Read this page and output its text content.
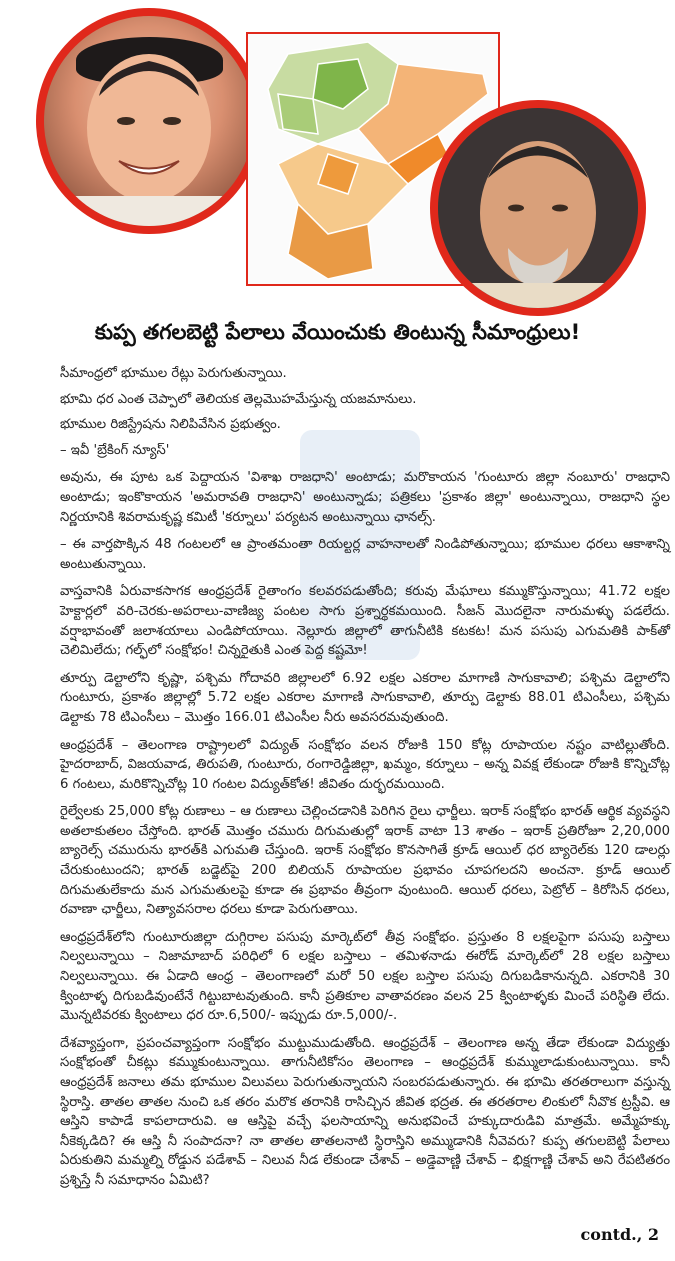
కుప్ప తగలబెట్టి పేలాలు వేయించుకు తింటున్న సీమాంధ్రులు!

సీమాంధ్రలో భూముల రేట్లు పెరుగుతున్నాయి.

భూమి ధర ఎంత చెప్పాలో తెలియక తెల్లమొహమేస్తున్న యజమానులు.

భూముల రిజిస్ట్రేషను నిలిపివేసిన ప్రభుత్వం.

– ఇవీ 'బ్రేకింగ్ న్యూస్'

అవును, ఈ పూట ఒక పెద్దాయన 'విశాఖ రాజధాని' అంటాడు; మరొకాయన 'గుంటూరు జిల్లా నంబూరు' రాజధాని అంటాడు; ఇంకొకాయన 'అమరావతి రాజధాని' అంటున్నాడు; పత్రికలు 'ప్రకాశం జిల్లా' అంటున్నాయి, రాజధాని స్థల నిర్ణయానికి శివరామకృష్ణ కమిటీ 'కర్నూలు' పర్యటన అంటున్నాయి ఛానల్స్.

– ఈ వార్తపొక్కిన 48 గంటలలో ఆ ప్రాంతమంతా రియల్టర్ల వాహనాలతో నిండిపోతున్నాయి; భూముల ధరలు ఆకాశాన్ని అంటుతున్నాయి.

వాస్తవానికి ఏరువాకసాగక ఆంధ్రప్రదేశ్ రైతాంగం కలవరపడుతోంది; కరువు మేఘాలు కమ్ముకొస్తున్నాయి; 41.72 లక్షల హెక్టార్లలో వరి-చెరకు-అపరాలు-వాణిజ్య పంటల సాగు ప్రశ్నార్థకమయింది. సీజన్ మొదలైనా నారుమళ్ళు పడలేదు. వర్షాభావంతో జలాశయాలు ఎండిపోయాయి. నెల్లూరు జిల్లాలో తాగునీటికి కటకట! మన పసుపు ఎగుమతికి పాక్‌తో చెలిమిలేదు; గల్ఫ్‌లో సంక్షోభం! చిన్నరైతుకి ఎంత పెద్ద కష్టమో!

తూర్పు డెల్టాలోని కృష్ణా, పశ్చిమ గోదావరి జిల్లాలలో 6.92 లక్షల ఎకరాల మాగాణి సాగుకావాలి; పశ్చిమ డెల్టాలోని గుంటూరు, ప్రకాశం జిల్లాల్లో 5.72 లక్షల ఎకరాల మాగాణి సాగుకావాలి, తూర్పు డెల్టాకు 88.01 టిఎంసీలు, పశ్చిమ డెల్టాకు 78 టిఎంసీలు – మొత్తం 166.01 టిఎంసీల నీరు అవసరమవుతుంది.

ఆంధ్రప్రదేశ్ – తెలంగాణ రాష్ట్రాలలో విద్యుత్ సంక్షోభం వలన రోజుకి 150 కోట్ల రూపాయల నష్టం వాటిల్లుతోంది. హైదరాబాద్, విజయవాడ, తిరుపతి, గుంటూరు, రంగారెడ్డిజిల్లా, ఖమ్మం, కర్నూలు – అన్న వివక్ష లేకుండా రోజుకి కొన్నిచోట్ల 6 గంటలు, మరికొన్నిచోట్ల 10 గంటల విద్యుత్‌కోత! జీవితం దుర్భరమయింది.

రైల్వేలకు 25,000 కోట్ల రుణాలు – ఆ రుణాలు చెల్లించడానికి పెరిగిన రైలు ఛార్జీలు. ఇరాక్ సంక్షోభం భారత్ ఆర్థిక వ్యవస్థని అతలాకుతలం చేస్తోంది. భారత్ మొత్తం చమురు దిగుమతుల్లో ఇరాక్ వాటా 13 శాతం – ఇరాక్ ప్రతిరోజూ 2,20,000 బ్యారెల్స్ చమురును భారత్‌కి ఎగుమతి చేస్తుంది. ఇరాక్ సంక్షోభం కొనసాగితే క్రూడ్ ఆయిల్ ధర బ్యారెల్‌కు 120 డాలర్లు చేరుకుంటుందని; భారత్ బడ్జెట్‌పై 200 బిలియన్ రూపాయల ప్రభావం చూపగలదని అంచనా. క్రూడ్ ఆయిల్ దిగుమతులేకాదు మన ఎగుమతులపై కూడా ఈ ప్రభావం తీవ్రంగా వుంటుంది. ఆయిల్ ధరలు, పెట్రోల్ – కిరోసిన్ ధరలు, రవాణా ఛార్జీలు, నిత్యావసరాల ధరలు కూడా పెరుగుతాయి.

ఆంధ్రప్రదేశ్‌లోని గుంటూరుజిల్లా దుగ్గిరాల పసుపు మార్కెట్‌లో తీవ్ర సంక్షోభం. ప్రస్తుతం 8 లక్షలపైగా పసుపు బస్తాలు నిల్వలున్నాయి – నిజామాబాద్ పరిధిలో 6 లక్షల బస్తాలు – తమిళనాడు ఈరోడ్ మార్కెట్‌లో 28 లక్షల బస్తాలు నిల్వలున్నాయి. ఈ ఏడాది ఆంధ్ర – తెలంగాణలో మరో 50 లక్షల బస్తాల పసుపు దిగుబడికానున్నది. ఎకరానికి 30 క్వింటాళ్ళ దిగుబడివుంటేనే గిట్టుబాటవుతుంది. కానీ ప్రతికూల వాతావరణం వలన 25 క్వింటాళ్ళకు మించే పరిస్థితి లేదు. మొన్నటివరకు క్వింటాలు ధర రూ.6,500/- ఇప్పుడు రూ.5,000/-.

దేశవ్యాప్తంగా, ప్రపంచవ్యాప్తంగా సంక్షోభం ముట్టుముడుతోంది. ఆంధ్రప్రదేశ్ – తెలంగాణ అన్న తేడా లేకుండా విద్యుత్తు సంక్షోభంతో చీకట్లు కమ్ముకుంటున్నాయి. తాగునీటికోసం తెలంగాణ – ఆంధ్రప్రదేశ్ కుమ్ములాడుకుంటున్నాయి. కానీ ఆంధ్రప్రదేశ్ జనాలు తమ భూముల విలువలు పెరుగుతున్నాయని సంబరపడుతున్నారు. ఈ భూమి తరతరాలుగా వస్తున్న స్థిరాస్తి. తాతల తాతల నుంచి ఒక తరం మరొక తరానికి రాసిచ్చిన జీవిత భద్రత. ఈ తరతరాల లింకులో నీవొక ట్రస్టీవి. ఆ ఆస్తిని కాపాడే కాపలాదారువి. ఆ ఆస్తిపై వచ్చే ఫలసాయాన్ని అనుభవించే హక్కుదారుడివి మాత్రమే. అమ్మేహక్కు నీకెక్కడిది? ఈ ఆస్తి నీ సంపాదనా? నా తాతల తాతలనాటి స్థిరాస్తిని అమ్ముడానికి నీవెవరు? కుప్ప తగులబెట్టి పేలాలు ఏరుకుతిని మమ్మల్ని రోడ్డున పడేశావ్ – నిలువ నీడ లేకుండా చేశావ్ – అడ్డెవాణ్ణి చేశావ్ – భిక్షగాణ్ణి చేశావ్ అని రేపటితరం ప్రశ్నిస్తే నీ సమాధానం ఏమిటి?

contd., 2
